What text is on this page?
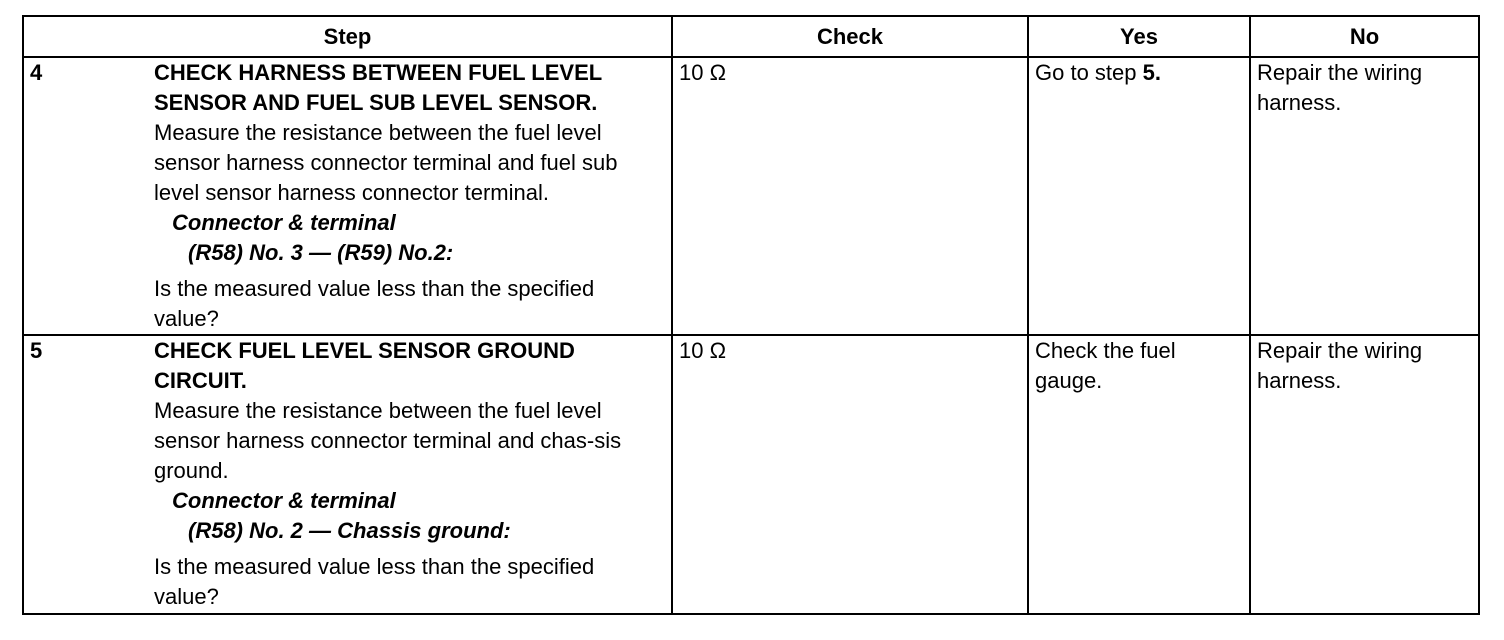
Step		Check	Yes	No
4	CHECK HARNESS BETWEEN FUEL LEVEL SENSOR AND FUEL SUB LEVEL SENSOR.
Measure the resistance between the fuel level sensor harness connector terminal and fuel sub level sensor harness connector terminal.
Connector & terminal
(R58) No. 3 — (R59) No.2:
Is the measured value less than the specified value?	10 Ω	Go to step 5.	Repair the wiring harness.
5	CHECK FUEL LEVEL SENSOR GROUND CIRCUIT.
Measure the resistance between the fuel level sensor harness connector terminal and chas-sis ground.
Connector & terminal
(R58) No. 2 — Chassis ground:
Is the measured value less than the specified value?	10 Ω	Check the fuel gauge.	Repair the wiring harness.
